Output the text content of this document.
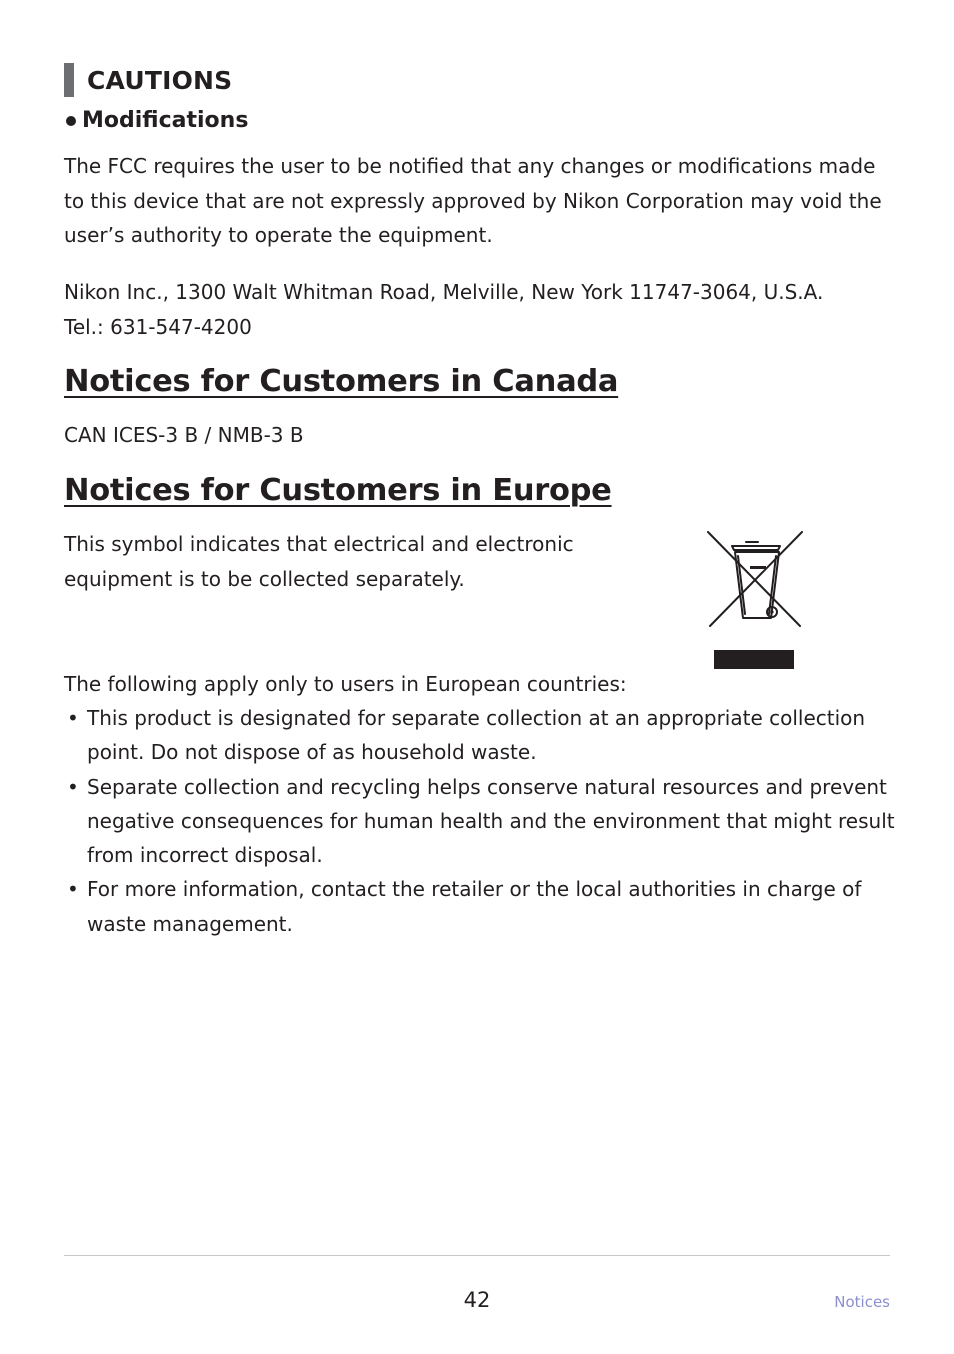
CAUTIONS
Modifications

The FCC requires the user to be notified that any changes or modifications made
to this device that are not expressly approved by Nikon Corporation may void the
user’s authority to operate the equipment.

Nikon Inc., 1300 Walt Whitman Road, Melville, New York 11747-3064, U.S.A.
Tel.: 631-547-4200

Notices for Customers in Canada

CAN ICES-3 B / NMB-3 B

Notices for Customers in Europe

This symbol indicates that electrical and electronic
equipment is to be collected separately.

The following apply only to users in European countries:

• This product is designated for separate collection at an appropriate collection
point. Do not dispose of as household waste.
• Separate collection and recycling helps conserve natural resources and prevent
negative consequences for human health and the environment that might result
from incorrect disposal.
• For more information, contact the retailer or the local authorities in charge of
waste management.
42	Notices
